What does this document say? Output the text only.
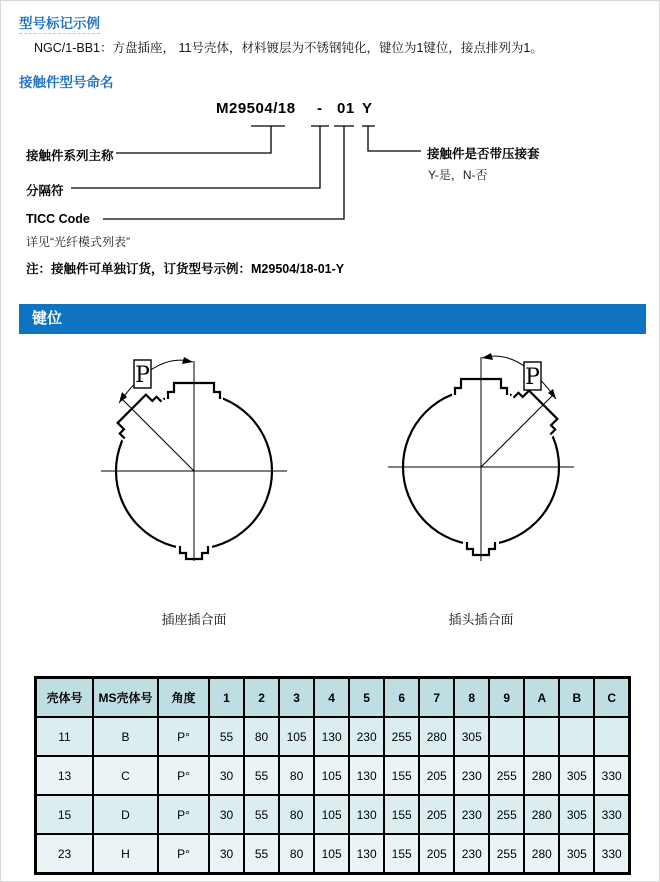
型号标记示例

NGC/1-BB1：方盘插座， 11号壳体，材料镀层为不锈钢钝化，键位为1键位，接点排列为1。

接触件型号命名
M29504/18 - 01 Y

接触件系列主称

分隔符

TICC Code

详见“光纤模式列表”

接触件是否带压接套

Y-是，N-否

注：接触件可单独订货，订货型号示例：M29504/18-01-Y

键位
P	P

插座插合面	插头插合面

壳体号	MS壳体号	角度	1	2	3	4	5	6	7	8	9	A	B	C
11	B	P°	55	80	105	130	230	255	280	305				
13	C	P°	30	55	80	105	130	155	205	230	255	280	305	330
15	D	P°	30	55	80	105	130	155	205	230	255	280	305	330
23	H	P°	30	55	80	105	130	155	205	230	255	280	305	330
